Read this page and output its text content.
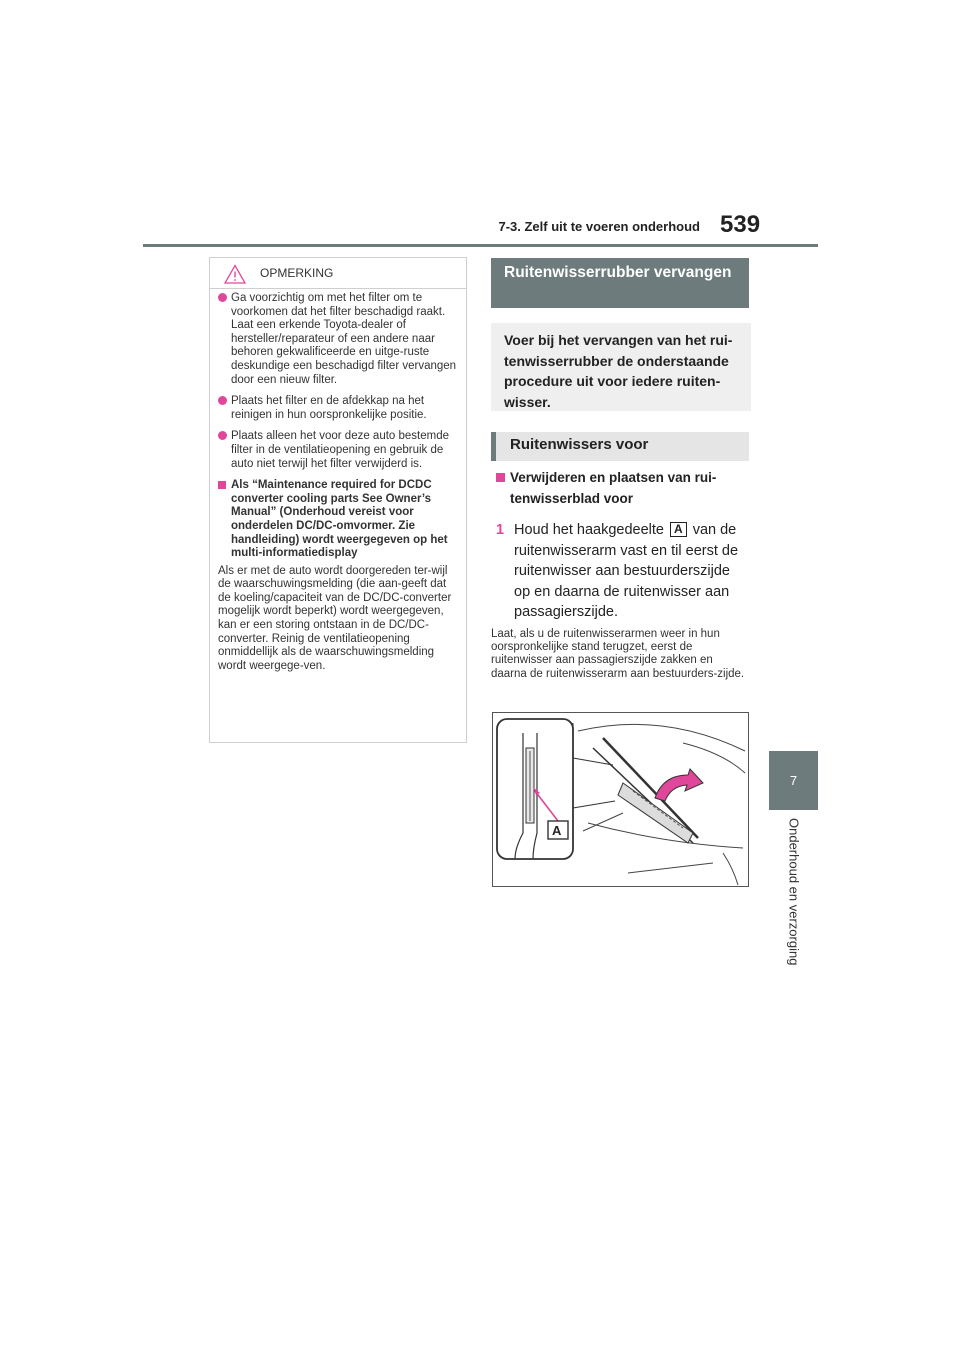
7-3. Zelf uit te voeren onderhoud 539
7
Onderhoud en verzorging
OPMERKING
Ga voorzichtig om met het filter om te voorkomen dat het filter beschadigd raakt. Laat een erkende Toyota-dealer of hersteller/reparateur of een andere naar behoren gekwalificeerde en uitge-ruste deskundige een beschadigd filter vervangen door een nieuw filter.
Plaats het filter en de afdekkap na het reinigen in hun oorspronkelijke positie.
Plaats alleen het voor deze auto bestemde filter in de ventilatieopening en gebruik de auto niet terwijl het filter verwijderd is.
Als “Maintenance required for DCDC converter cooling parts See Owner’s Manual” (Onderhoud vereist voor onderdelen DC/DC-omvormer. Zie handleiding) wordt weergegeven op het multi-informatiedisplay

Als er met de auto wordt doorgereden ter-wijl de waarschuwingsmelding (die aan-geeft dat de koeling/capaciteit van de DC/DC-converter mogelijk wordt beperkt) wordt weergegeven, kan er een storing ontstaan in de DC/DC-converter. Reinig de ventilatieopening onmiddellijk als de waarschuwingsmelding wordt weergege-ven.

Ruitenwisserrubber vervangen
Voer bij het vervangen van het rui-tenwisserrubber de onderstaande procedure uit voor iedere ruiten-wisser.
Ruitenwissers voor
Verwijderen en plaatsen van rui-tenwisserblad voor
1 Houd het haakgedeelte A van de ruitenwisserarm vast en til eerst de ruitenwisser aan bestuurderszijde op en daarna de ruitenwisser aan passagierszijde.
Laat, als u de ruitenwisserarmen weer in hun oorspronkelijke stand terugzet, eerst de ruitenwisser aan passagierszijde zakken en daarna de ruitenwisserarm aan bestuurders-zijde.
A
